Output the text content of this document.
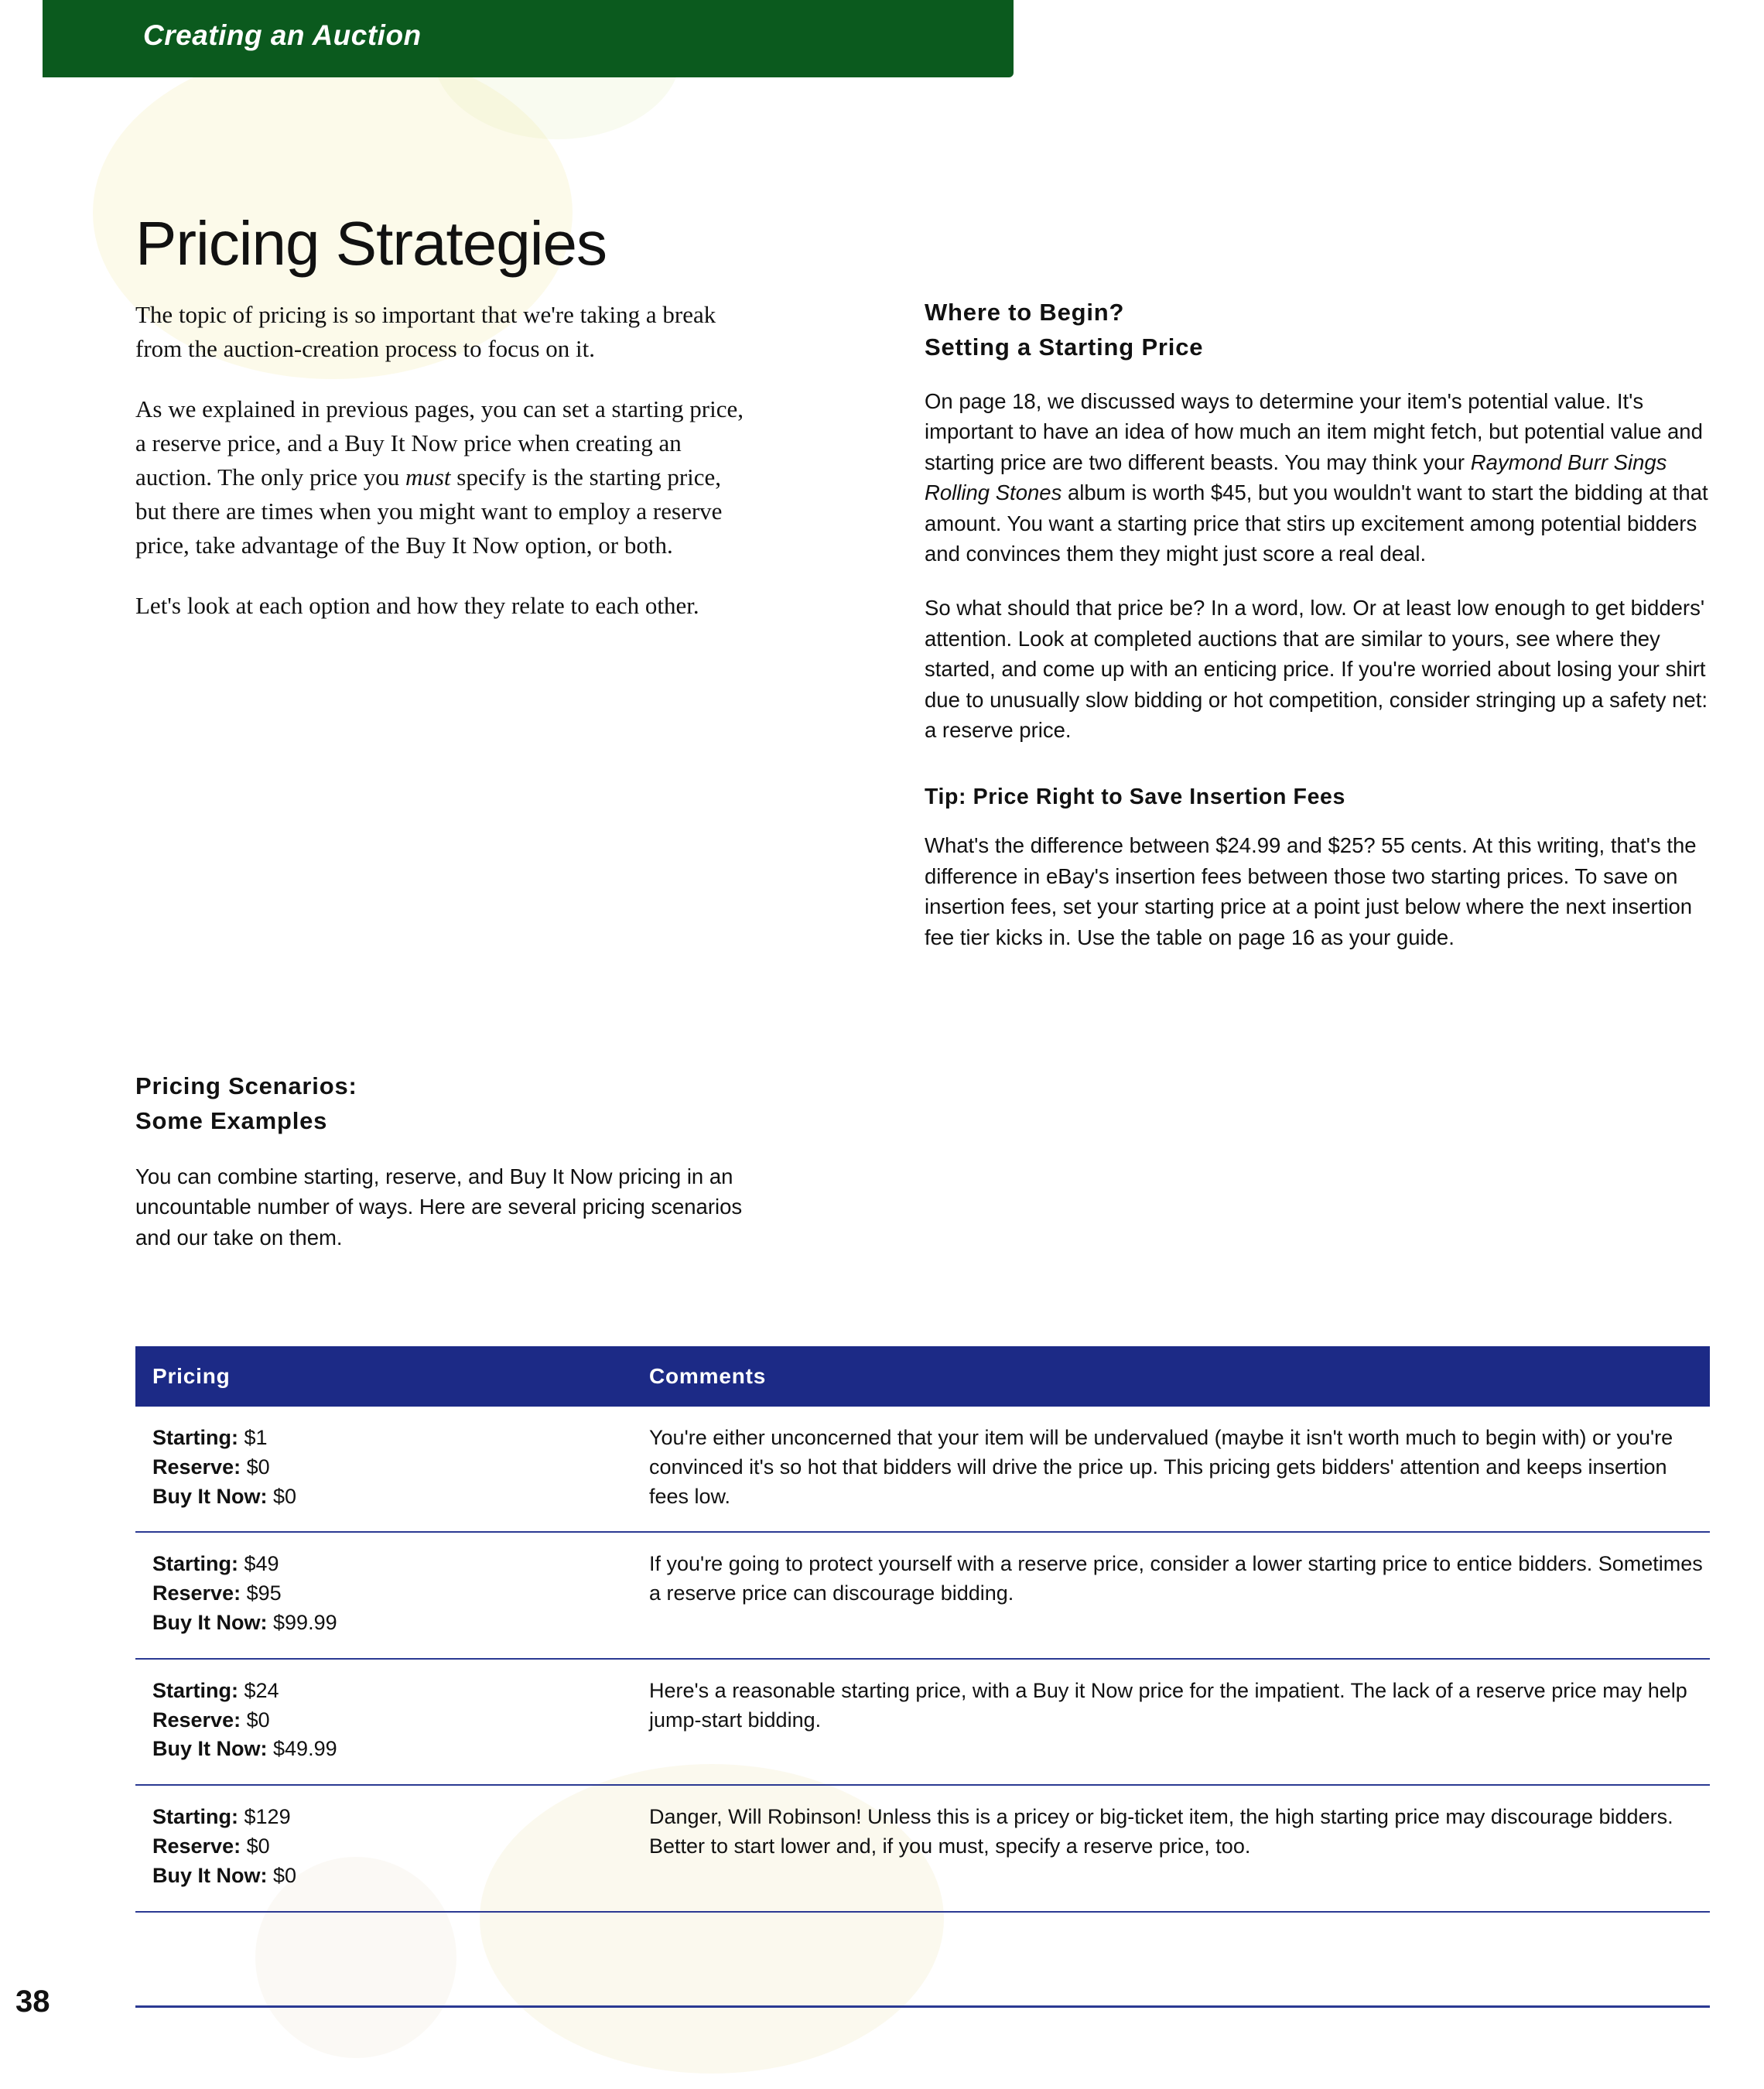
Creating an Auction
Pricing Strategies

The topic of pricing is so important that we're taking a break from the auction-creation process to focus on it.

As we explained in previous pages, you can set a starting price, a reserve price, and a Buy It Now price when creating an auction. The only price you must specify is the starting price, but there are times when you might want to employ a reserve price, take advantage of the Buy It Now option, or both.

Let's look at each option and how they relate to each other.

Pricing Scenarios:
Some Examples

You can combine starting, reserve, and Buy It Now pricing in an uncountable number of ways. Here are several pricing scenarios and our take on them.

Where to Begin?
Setting a Starting Price

On page 18, we discussed ways to determine your item's potential value. It's important to have an idea of how much an item might fetch, but potential value and starting price are two different beasts. You may think your Raymond Burr Sings Rolling Stones album is worth $45, but you wouldn't want to start the bidding at that amount. You want a starting price that stirs up excitement among potential bidders and convinces them they might just score a real deal.

So what should that price be? In a word, low. Or at least low enough to get bidders' attention. Look at completed auctions that are similar to yours, see where they started, and come up with an enticing price. If you're worried about losing your shirt due to unusually slow bidding or hot competition, consider stringing up a safety net: a reserve price.

Tip: Price Right to Save Insertion Fees

What's the difference between $24.99 and $25? 55 cents. At this writing, that's the difference in eBay's insertion fees between those two starting prices. To save on insertion fees, set your starting price at a point just below where the next insertion fee tier kicks in. Use the table on page 16 as your guide.

Pricing	Comments

Starting: $1
Reserve: $0
Buy It Now: $0
	You're either unconcerned that your item will be undervalued (maybe it isn't worth much to begin with) or you're convinced it's so hot that bidders will drive the price up. This pricing gets bidders' attention and keeps insertion fees low.

Starting: $49
Reserve: $95
Buy It Now: $99.99	If you're going to protect yourself with a reserve price, consider a lower starting price to entice bidders. Sometimes a reserve price can discourage bidding.

Starting: $24
Reserve: $0
Buy It Now: $49.99	Here's a reasonable starting price, with a Buy it Now price for the impatient. The lack of a reserve price may help jump-start bidding.

Starting: $129
Reserve: $0
Buy It Now: $0	Danger, Will Robinson! Unless this is a pricey or big-ticket item, the high starting price may discourage bidders. Better to start lower and, if you must, specify a reserve price, too.
38
